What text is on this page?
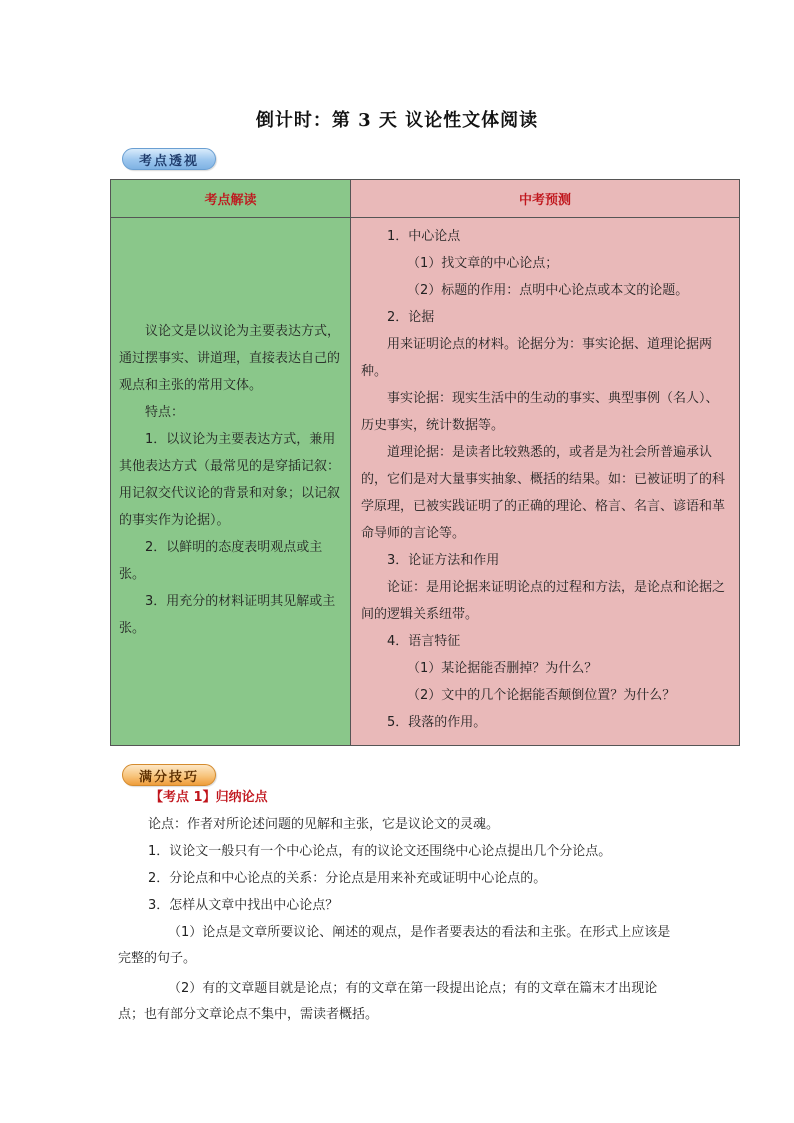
倒计时：第 3 天 议论性文体阅读
考点透视
考点解读	中考预测

议论文是以议论为主要表达方式，通过摆事实、讲道理，直接表达自己的观点和主张的常用文体。

特点：

1．以议论为主要表达方式，兼用其他表达方式（最常见的是穿插记叙：用记叙交代议论的背景和对象；以记叙的事实作为论据）。

2．以鲜明的态度表明观点或主张。

3．用充分的材料证明其见解或主张。

1．中心论点

（1）找文章的中心论点；

（2）标题的作用：点明中心论点或本文的论题。

2．论据

用来证明论点的材料。论据分为：事实论据、道理论据两种。

事实论据：现实生活中的生动的事实、典型事例（名人）、历史事实，统计数据等。

道理论据：是读者比较熟悉的，或者是为社会所普遍承认的，它们是对大量事实抽象、概括的结果。如：已被证明了的科学原理，已被实践证明了的正确的理论、格言、名言、谚语和革命导师的言论等。

3．论证方法和作用

论证：是用论据来证明论点的过程和方法，是论点和论据之间的逻辑关系纽带。

4．语言特征

（1）某论据能否删掉？为什么？

（2）文中的几个论据能否颠倒位置？为什么？

5．段落的作用。

满分技巧
【考点 1】归纳论点
论点：作者对所论述问题的见解和主张，它是议论文的灵魂。
1．议论文一般只有一个中心论点，有的议论文还围绕中心论点提出几个分论点。
2．分论点和中心论点的关系：分论点是用来补充或证明中心论点的。
3．怎样从文章中找出中心论点？
（1）论点是文章所要议论、阐述的观点，是作者要表达的看法和主张。在形式上应该是完整的句子。
（2）有的文章题目就是论点；有的文章在第一段提出论点；有的文章在篇末才出现论点；也有部分文章论点不集中，需读者概括。
